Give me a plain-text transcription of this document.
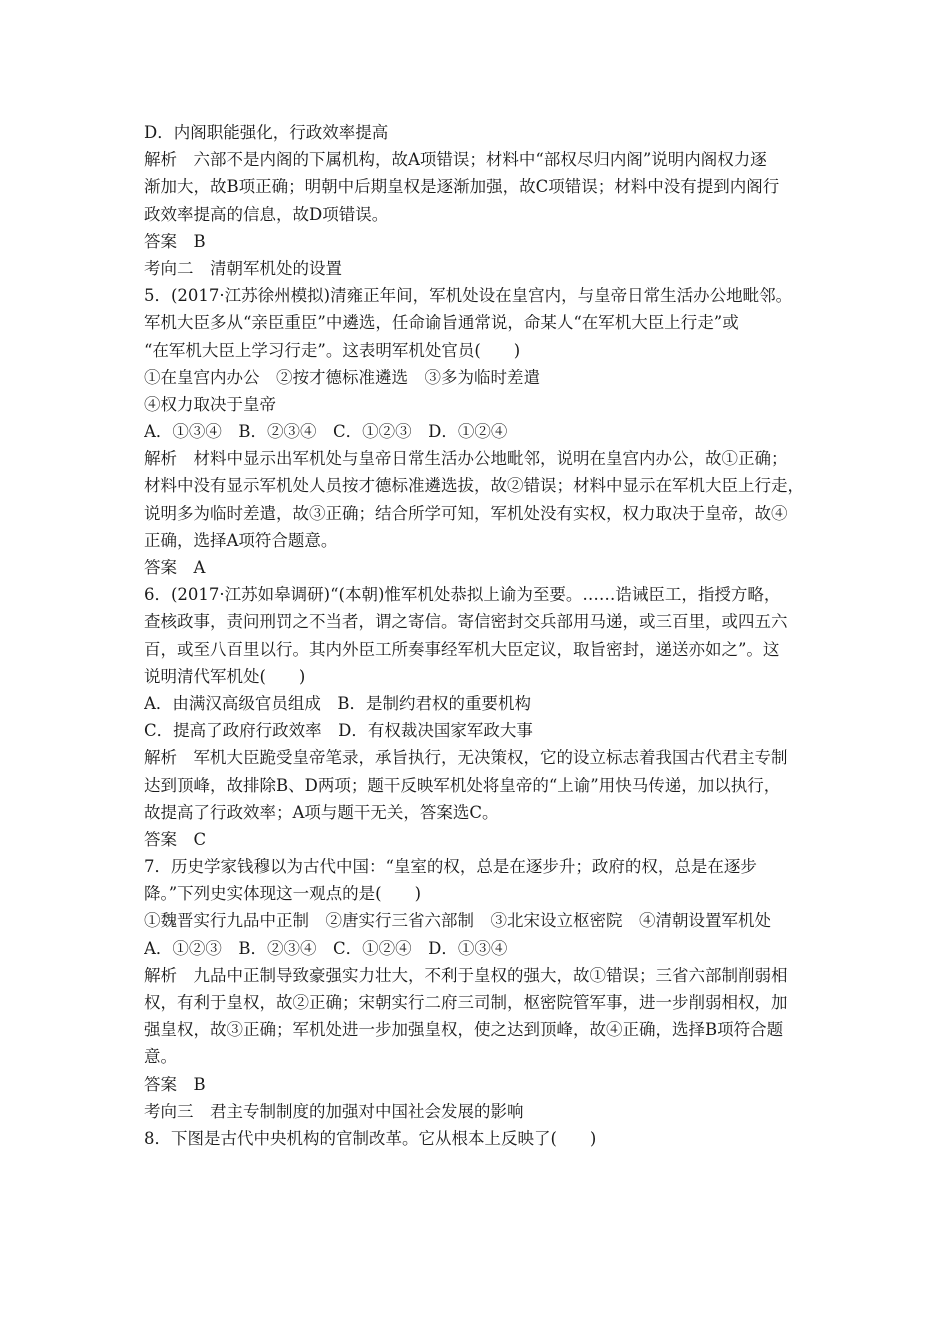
D．内阁职能强化，行政效率提高
解析　六部不是内阁的下属机构，故A项错误；材料中“部权尽归内阁”说明内阁权力逐
渐加大，故B项正确；明朝中后期皇权是逐渐加强，故C项错误；材料中没有提到内阁行
政效率提高的信息，故D项错误。
答案　B
考向二　清朝军机处的设置
5．(2017·江苏徐州模拟)清雍正年间，军机处设在皇宫内，与皇帝日常生活办公地毗邻。
军机大臣多从“亲臣重臣”中遴选，任命谕旨通常说，命某人“在军机大臣上行走”或
“在军机大臣上学习行走”。这表明军机处官员(　　)
①在皇宫内办公　②按才德标准遴选　③多为临时差遣
④权力取决于皇帝
A．①③④　B．②③④　C．①②③　D．①②④
解析　材料中显示出军机处与皇帝日常生活办公地毗邻，说明在皇宫内办公，故①正确；
材料中没有显示军机处人员按才德标准遴选拔，故②错误；材料中显示在军机大臣上行走，
说明多为临时差遣，故③正确；结合所学可知，军机处没有实权，权力取决于皇帝，故④
正确，选择A项符合题意。
答案　A
6．(2017·江苏如皋调研)“(本朝)惟军机处恭拟上谕为至要。……诰诫臣工，指授方略，
查核政事，责问刑罚之不当者，谓之寄信。寄信密封交兵部用马递，或三百里，或四五六
百，或至八百里以行。其内外臣工所奏事经军机大臣定议，取旨密封，递送亦如之”。这
说明清代军机处(　　)
A．由满汉高级官员组成　B．是制约君权的重要机构
C．提高了政府行政效率　D．有权裁决国家军政大事
解析　军机大臣跪受皇帝笔录，承旨执行，无决策权，它的设立标志着我国古代君主专制
达到顶峰，故排除B、D两项；题干反映军机处将皇帝的“上谕”用快马传递，加以执行，
故提高了行政效率；A项与题干无关，答案选C。
答案　C
7．历史学家钱穆以为古代中国：“皇室的权，总是在逐步升；政府的权，总是在逐步
降。”下列史实体现这一观点的是(　　)
①魏晋实行九品中正制　②唐实行三省六部制　③北宋设立枢密院　④清朝设置军机处
A．①②③　B．②③④　C．①②④　D．①③④
解析　九品中正制导致豪强实力壮大，不利于皇权的强大，故①错误；三省六部制削弱相
权，有利于皇权，故②正确；宋朝实行二府三司制，枢密院管军事，进一步削弱相权，加
强皇权，故③正确；军机处进一步加强皇权，使之达到顶峰，故④正确，选择B项符合题
意。
答案　B
考向三　君主专制制度的加强对中国社会发展的影响
8．下图是古代中央机构的官制改革。它从根本上反映了(　　)
